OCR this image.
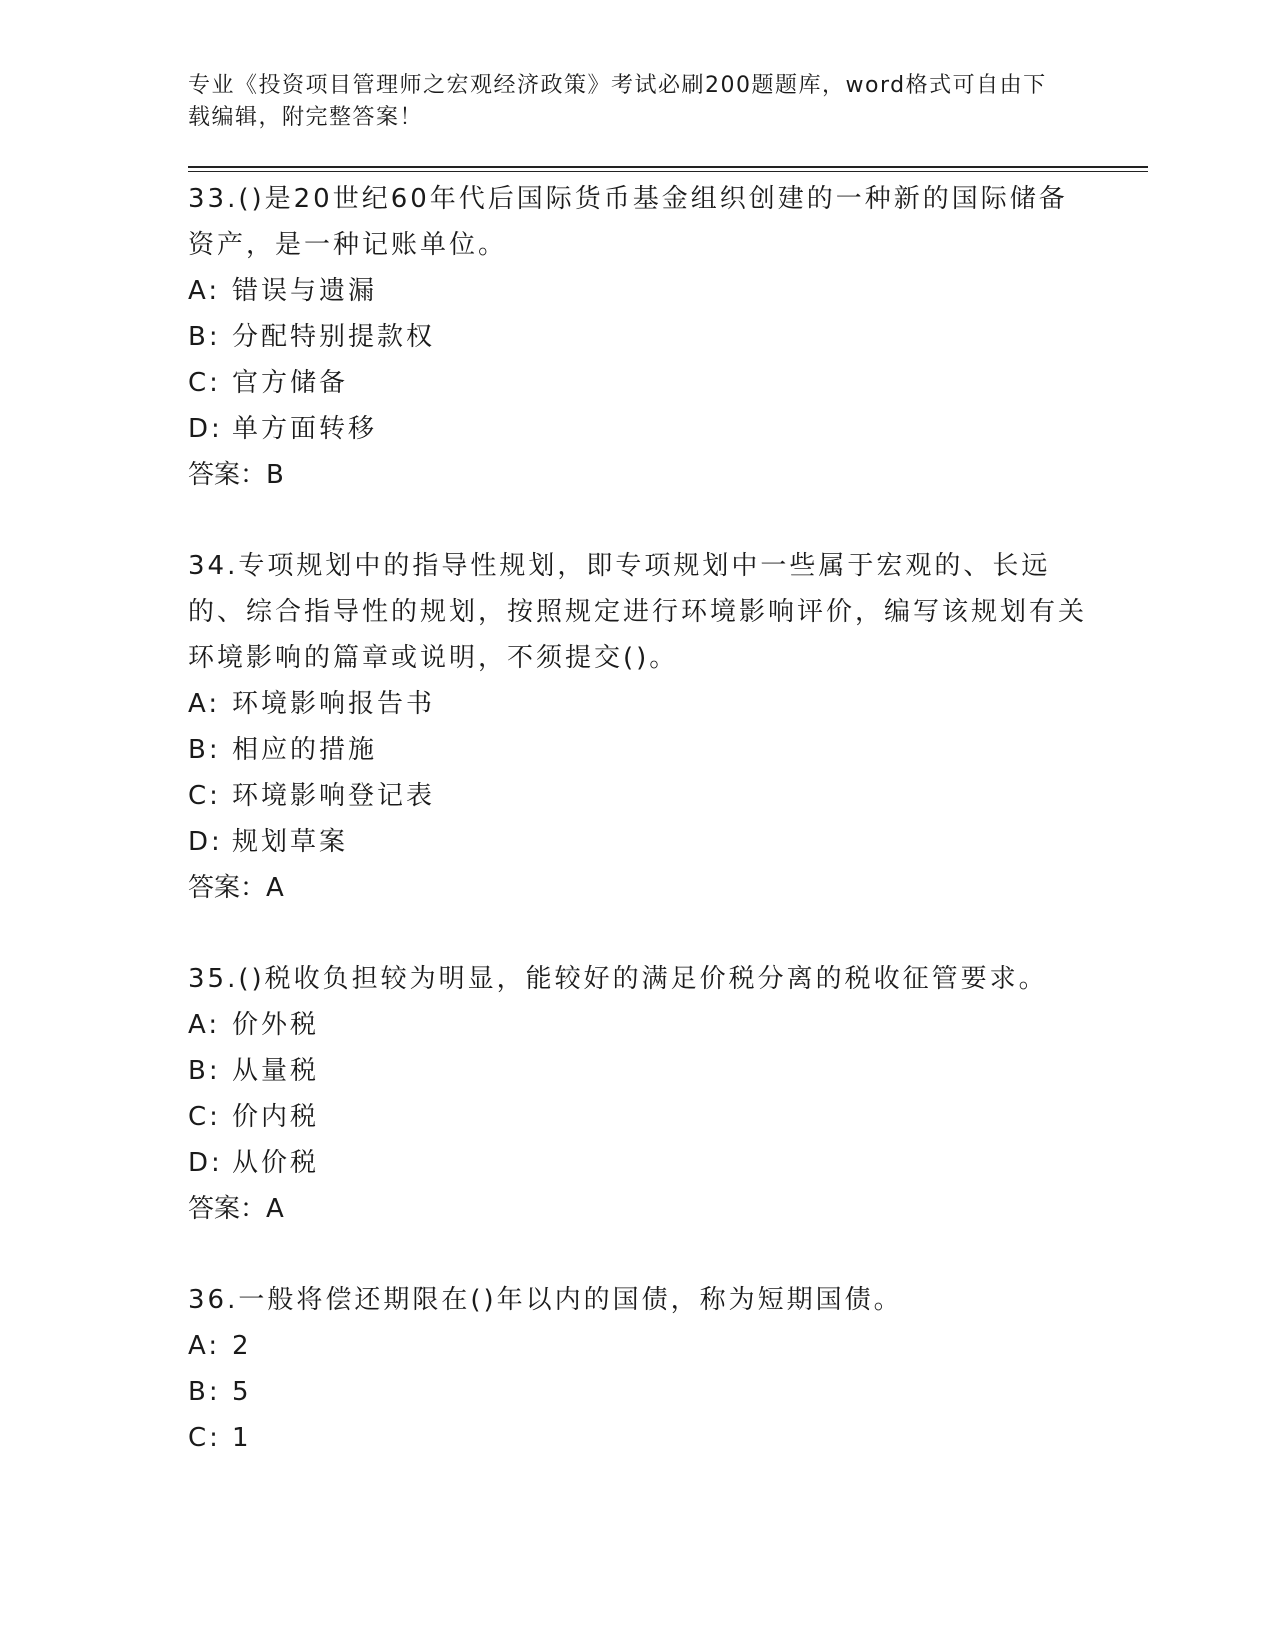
专业《投资项目管理师之宏观经济政策》考试必刷200题题库，word格式可自由下载编辑，附完整答案！

33.()是20世纪60年代后国际货币基金组织创建的一种新的国际储备资产，是一种记账单位。

A: 错误与遗漏

B: 分配特别提款权

C: 官方储备

D: 单方面转移

答案：B

34.专项规划中的指导性规划，即专项规划中一些属于宏观的、长远的、综合指导性的规划，按照规定进行环境影响评价，编写该规划有关环境影响的篇章或说明，不须提交()。

A: 环境影响报告书

B: 相应的措施

C: 环境影响登记表

D: 规划草案

答案：A

35.()税收负担较为明显，能较好的满足价税分离的税收征管要求。

A: 价外税

B: 从量税

C: 价内税

D: 从价税

答案：A

36.一般将偿还期限在()年以内的国债，称为短期国债。

A: 2

B: 5

C: 1
